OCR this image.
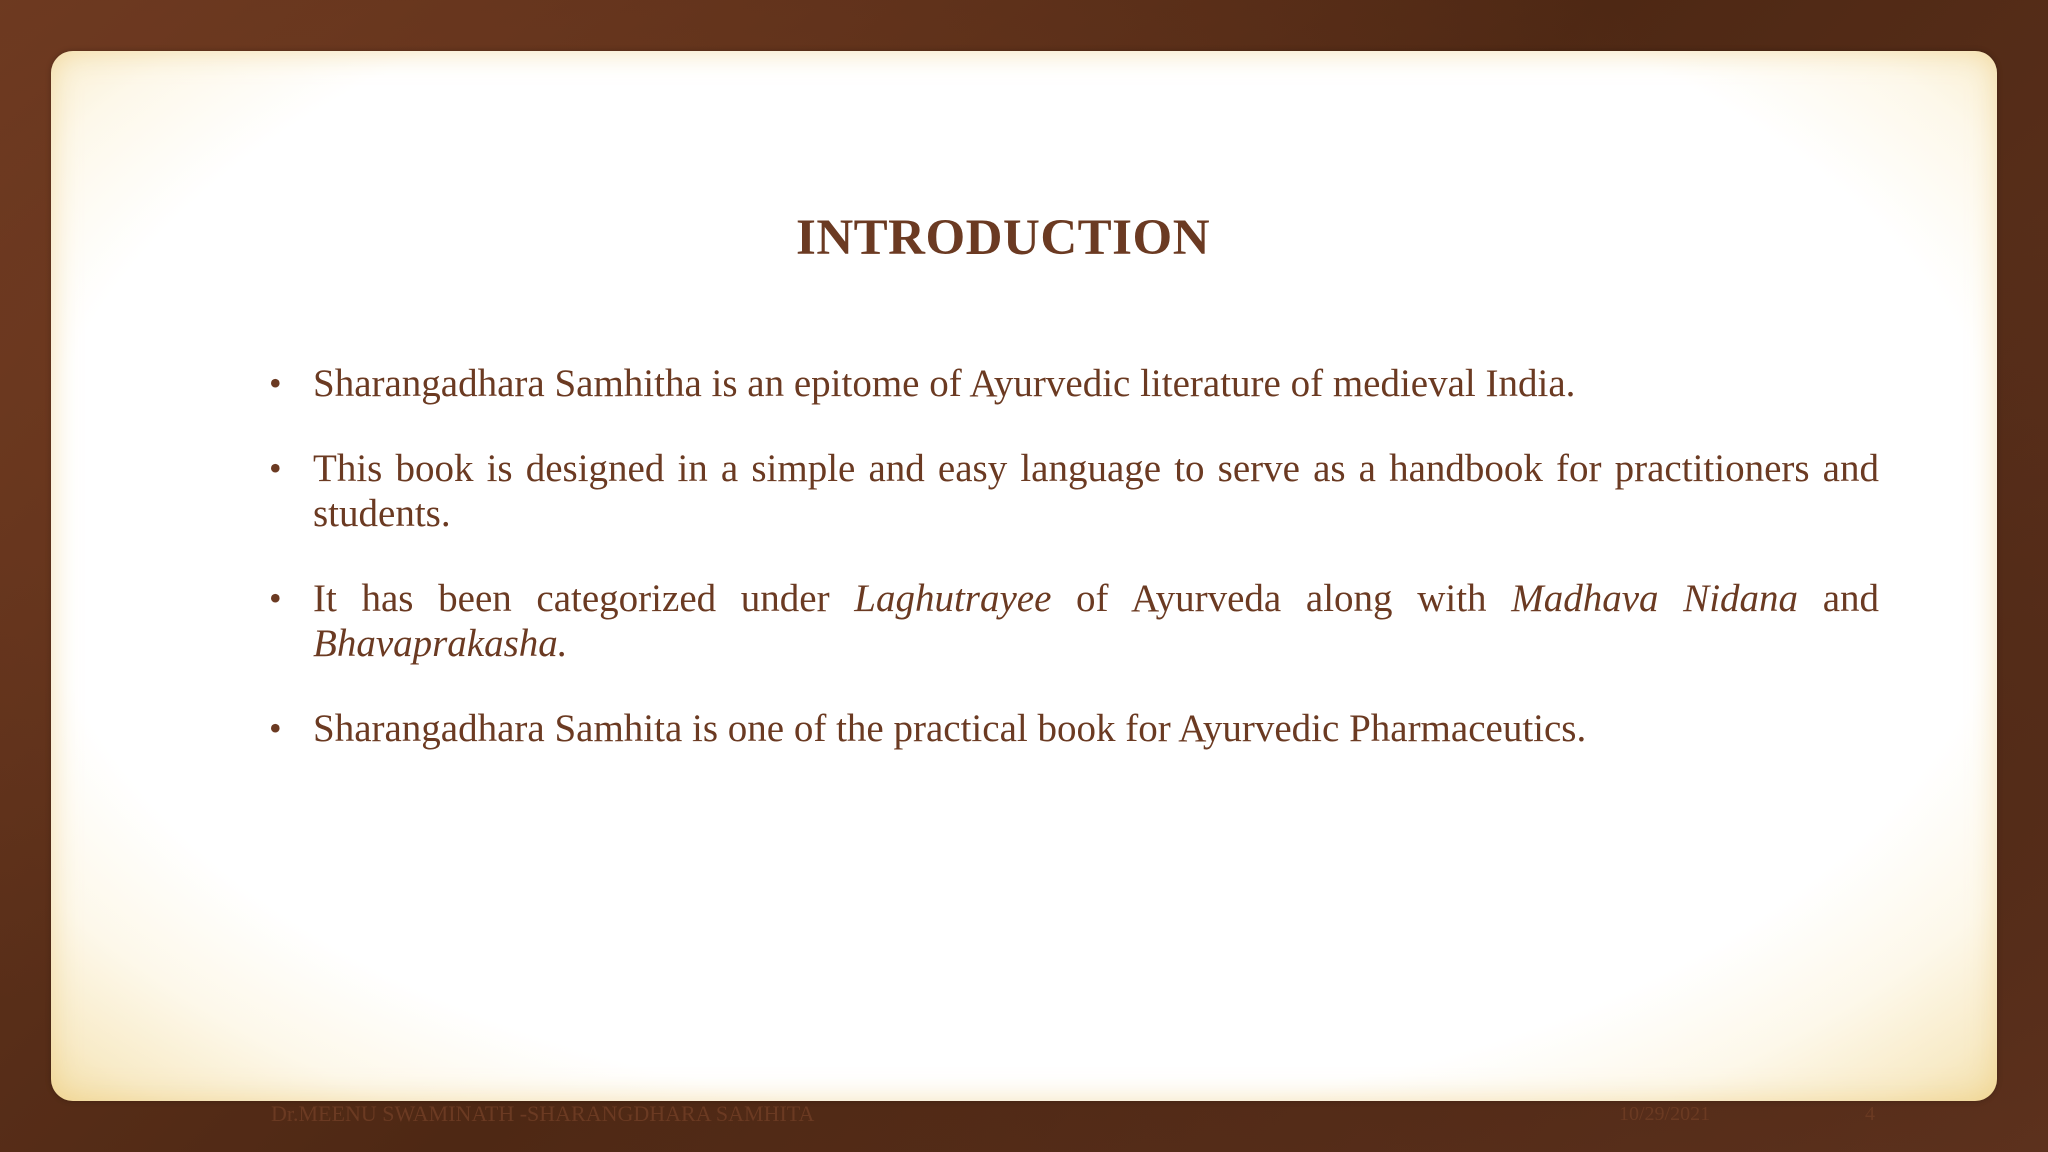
INTRODUCTION
• Sharangadhara Samhitha is an epitome of Ayurvedic literature of medieval India.
• This book is designed in a simple and easy language to serve as a handbook for practitioners and students.
• It has been categorized under Laghutrayee of Ayurveda along with Madhava Nidana and Bhavaprakasha.
• Sharangadhara Samhita is one of the practical book for Ayurvedic Pharmaceutics.
Dr.MEENU SWAMINATH -SHARANGDHARA SAMHITA	10/29/2021	4
